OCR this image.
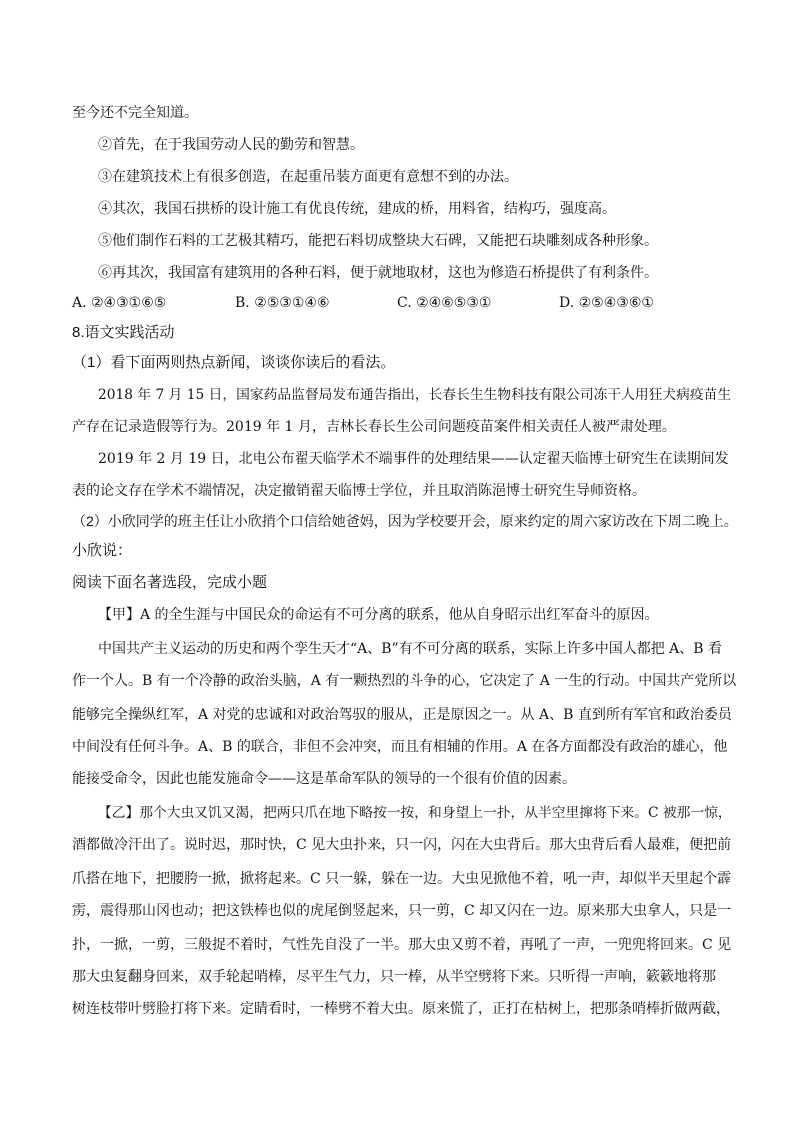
至今还不完全知道。
②首先，在于我国劳动人民的勤劳和智慧。
③在建筑技术上有很多创造，在起重吊装方面更有意想不到的办法。
④其次，我国石拱桥的设计施工有优良传统，建成的桥，用料省，结构巧，强度高。
⑤他们制作石料的工艺极其精巧，能把石料切成整块大石碑，又能把石块雕刻成各种形象。
⑥再其次，我国富有建筑用的各种石料，便于就地取材，这也为修造石桥提供了有利条件。
A. ②④③①⑥⑤	B. ②⑤③①④⑥	C. ②④⑥⑤③①	D. ②⑤④③⑥①
8.语文实践活动
（1）看下面两则热点新闻，谈谈你读后的看法。
2018 年 7 月 15 日，国家药品监督局发布通告指出，长春长生生物科技有限公司冻干人用狂犬病疫苗生
产存在记录造假等行为。2019 年 1 月，吉林长春长生公司问题疫苗案件相关责任人被严肃处理。
2019 年 2 月 19 日，北电公布翟天临学术不端事件的处理结果——认定翟天临博士研究生在读期间发
表的论文存在学术不端情况，决定撤销翟天临博士学位，并且取消陈浥博士研究生导师资格。
（2）小欣同学的班主任让小欣捎个口信给她爸妈，因为学校要开会，原来约定的周六家访改在下周二晚上。
小欣说：
阅读下面名著选段，完成小题
【甲】A 的全生涯与中国民众的命运有不可分离的联系，他从自身昭示出红军奋斗的原因。
中国共产主义运动的历史和两个孪生天才“A、B”有不可分离的联系，实际上许多中国人都把 A、B 看
作一个人。B 有一个冷静的政治头脑，A 有一颗热烈的斗争的心，它决定了 A 一生的行动。中国共产党所以
能够完全操纵红军，A 对党的忠诚和对政治驾驭的服从，正是原因之一。从 A、B 直到所有军官和政治委员
中间没有任何斗争。A、B 的联合，非但不会冲突，而且有相辅的作用。A 在各方面都没有政治的雄心，他
能接受命令，因此也能发施命令——这是革命军队的领导的一个很有价值的因素。
【乙】那个大虫又饥又渴，把两只爪在地下略按一按，和身望上一扑，从半空里撺将下来。C 被那一惊，
酒都做冷汗出了。说时迟，那时快，C 见大虫扑来，只一闪，闪在大虫背后。那大虫背后看人最难，便把前
爪搭在地下，把腰胯一掀，掀将起来。C 只一躲，躲在一边。大虫见掀他不着，吼一声，却似半天里起个霹
雳，震得那山冈也动；把这铁棒也似的虎尾倒竖起来，只一剪，C 却又闪在一边。原来那大虫拿人，只是一
扑，一掀，一剪，三般捉不着时，气性先自没了一半。那大虫又剪不着，再吼了一声，一兜兜将回来。C 见
那大虫复翻身回来，双手轮起哨棒，尽平生气力，只一棒，从半空劈将下来。只听得一声响，簌簌地将那
树连枝带叶劈脸打将下来。定睛看时，一棒劈不着大虫。原来慌了，正打在枯树上，把那条哨棒折做两截，
